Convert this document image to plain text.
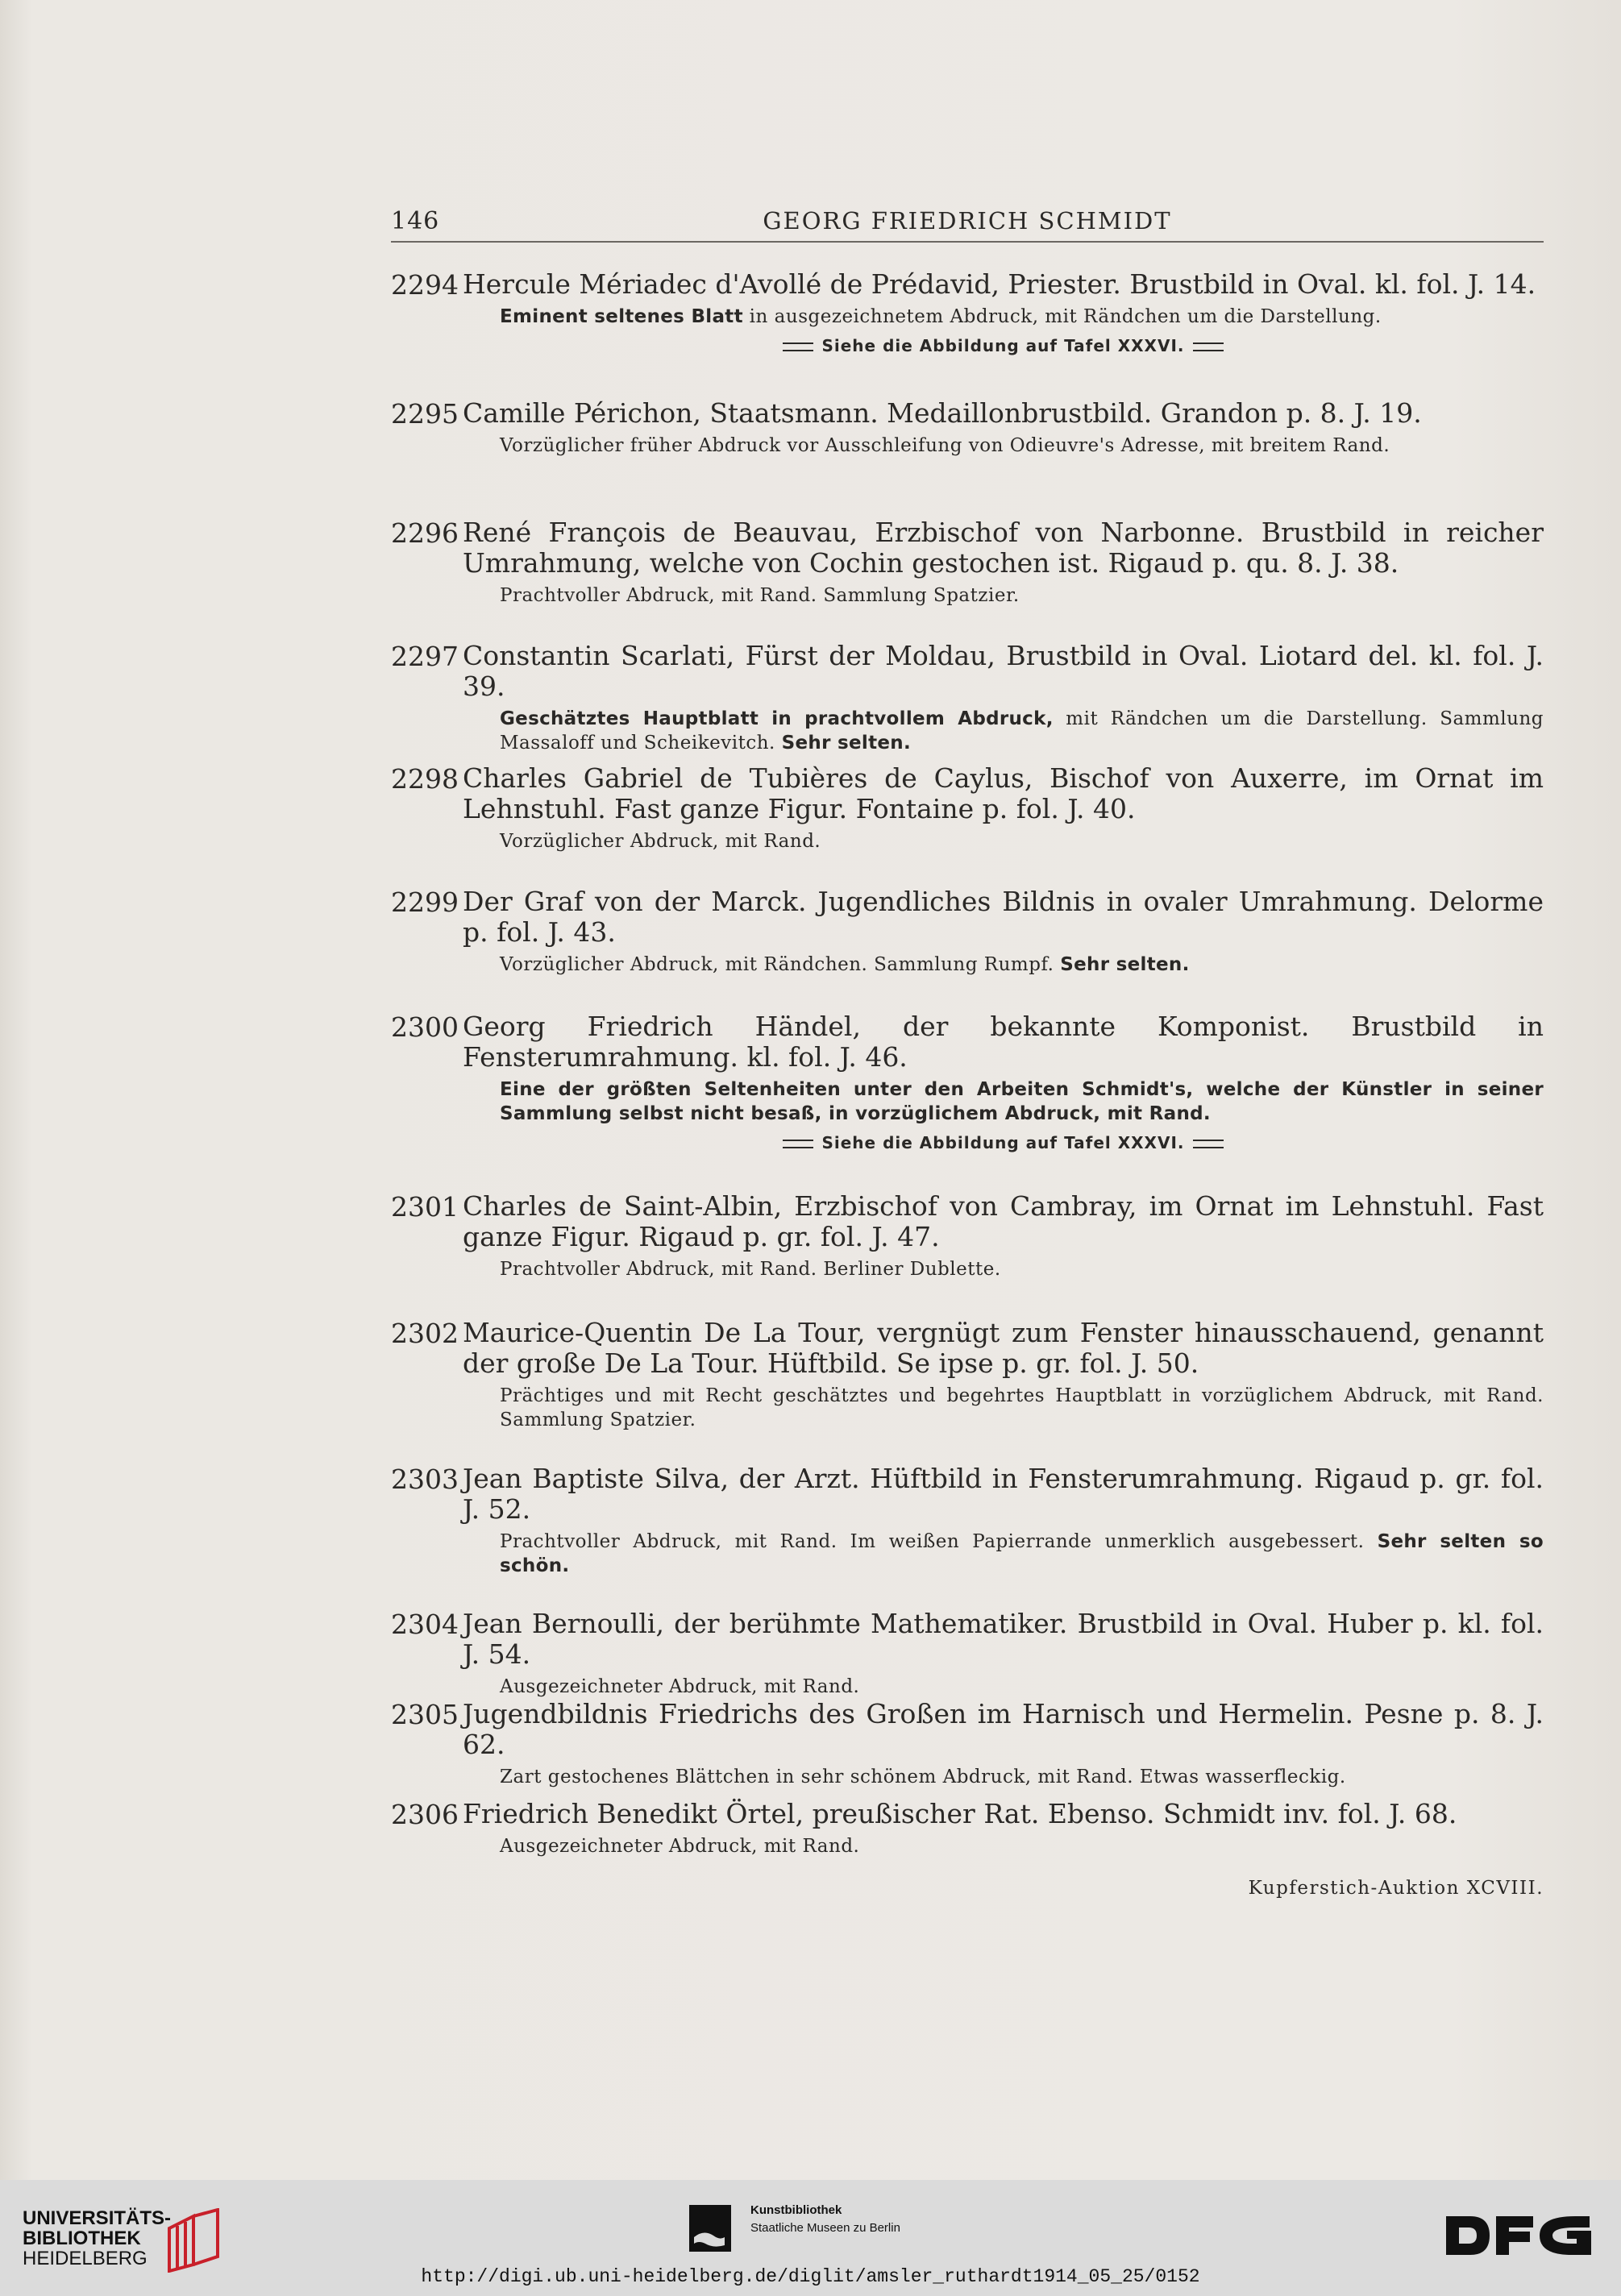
146	GEORG FRIEDRICH SCHMIDT
2294 Hercule Mériadec d'Avollé de Prédavid, Priester. Brustbild in Oval. kl. fol. J. 14.
Eminent seltenes Blatt in ausgezeichnetem Abdruck, mit Rändchen um die Darstellung.
Siehe die Abbildung auf Tafel XXXVI.
2295 Camille Périchon, Staatsmann. Medaillonbrustbild. Grandon p. 8. J. 19.
Vorzüglicher früher Abdruck vor Ausschleifung von Odieuvre's Adresse, mit breitem Rand.
2296 René François de Beauvau, Erzbischof von Narbonne. Brustbild in reicher Umrahmung, welche von Cochin gestochen ist. Rigaud p. qu. 8. J. 38.
Prachtvoller Abdruck, mit Rand. Sammlung Spatzier.
2297 Constantin Scarlati, Fürst der Moldau, Brustbild in Oval. Liotard del. kl. fol. J. 39.
Geschätztes Hauptblatt in prachtvollem Abdruck, mit Rändchen um die Darstellung. Sammlung Massaloff und Scheikevitch. Sehr selten.
2298 Charles Gabriel de Tubières de Caylus, Bischof von Auxerre, im Ornat im Lehnstuhl. Fast ganze Figur. Fontaine p. fol. J. 40.
Vorzüglicher Abdruck, mit Rand.
2299 Der Graf von der Marck. Jugendliches Bildnis in ovaler Umrahmung. Delorme p. fol. J. 43.
Vorzüglicher Abdruck, mit Rändchen. Sammlung Rumpf. Sehr selten.
2300 Georg Friedrich Händel, der bekannte Komponist. Brustbild in Fensterumrahmung. kl. fol. J. 46.
Eine der größten Seltenheiten unter den Arbeiten Schmidt's, welche der Künstler in seiner Sammlung selbst nicht besaß, in vorzüglichem Abdruck, mit Rand.
Siehe die Abbildung auf Tafel XXXVI.
2301 Charles de Saint-Albin, Erzbischof von Cambray, im Ornat im Lehnstuhl. Fast ganze Figur. Rigaud p. gr. fol. J. 47.
Prachtvoller Abdruck, mit Rand. Berliner Dublette.
2302 Maurice-Quentin De La Tour, vergnügt zum Fenster hinausschauend, genannt der große De La Tour. Hüftbild. Se ipse p. gr. fol. J. 50.
Prächtiges und mit Recht geschätztes und begehrtes Hauptblatt in vorzüglichem Abdruck, mit Rand. Sammlung Spatzier.
2303 Jean Baptiste Silva, der Arzt. Hüftbild in Fensterumrahmung. Rigaud p. gr. fol. J. 52.
Prachtvoller Abdruck, mit Rand. Im weißen Papierrande unmerklich ausgebessert. Sehr selten so schön.
2304 Jean Bernoulli, der berühmte Mathematiker. Brustbild in Oval. Huber p. kl. fol. J. 54.
Ausgezeichneter Abdruck, mit Rand.
2305 Jugendbildnis Friedrichs des Großen im Harnisch und Hermelin. Pesne p. 8. J. 62.
Zart gestochenes Blättchen in sehr schönem Abdruck, mit Rand. Etwas wasserfleckig.
2306 Friedrich Benedikt Örtel, preußischer Rat. Ebenso. Schmidt inv. fol. J. 68.
Ausgezeichneter Abdruck, mit Rand.
Kupferstich-Auktion XCVIII.
UNIVERSITÄTS-
BIBLIOTHEK
HEIDELBERG
Kunstbibliothek
Staatliche Museen zu Berlin
http://digi.ub.uni-heidelberg.de/diglit/amsler_ruthardt1914_05_25/0152
